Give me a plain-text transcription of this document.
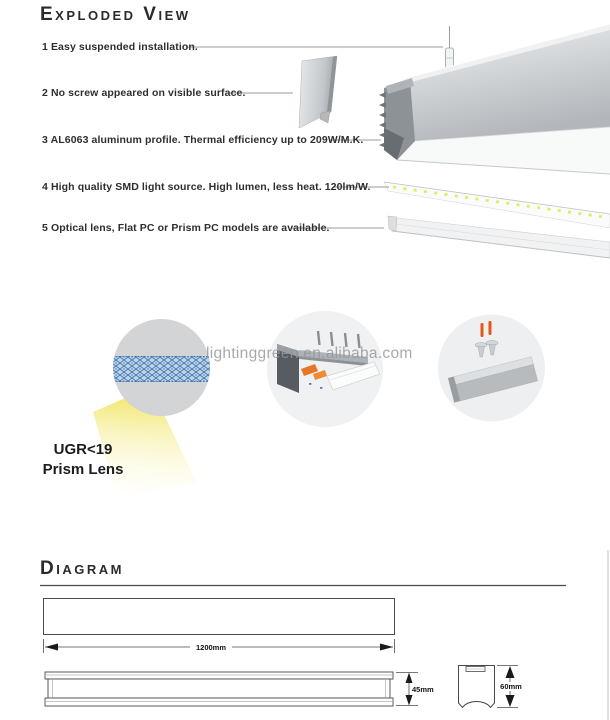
Exploded View
Diagram
1 Easy suspended installation.
2 No screw appeared on visible surface.
3 AL6063 aluminum profile. Thermal efficiency up to 209W/M.K.
4 High quality SMD light source. High lumen, less heat. 120lm/W.
5 Optical lens, Flat PC or Prism PC models are available.
UGR<19
Prism Lens
1200mm
45mm	60mm
lightinggreen.en.alibaba.com
